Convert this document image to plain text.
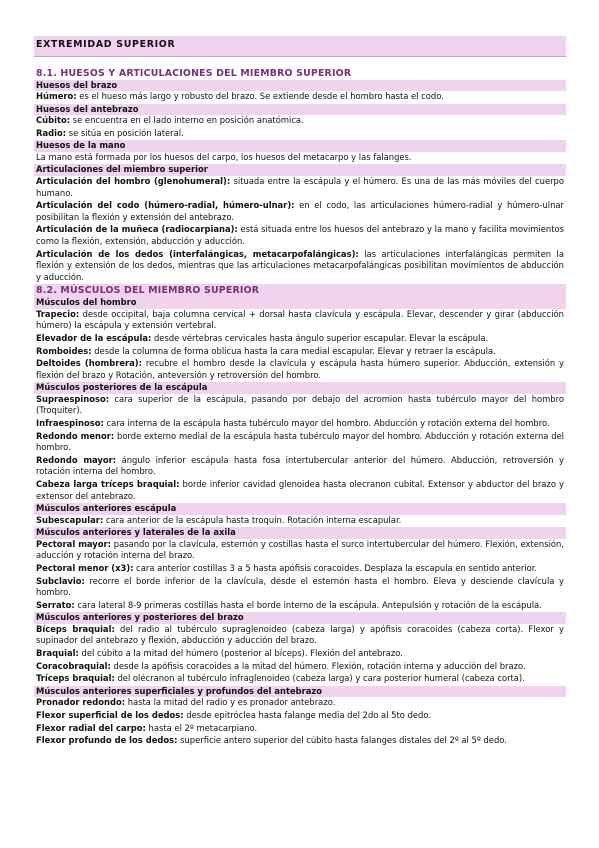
EXTREMIDAD SUPERIOR
8.1. HUESOS Y ARTICULACIONES DEL MIEMBRO SUPERIOR
Huesos del brazo
Húmero: es el hueso más largo y robusto del brazo. Se extiende desde el hombro hasta el codo.
Huesos del antebrazo
Cúbito: se encuentra en el lado interno en posición anatómica.
Radio: se sitúa en posición lateral.
Huesos de la mano
La mano está formada por los huesos del carpo, los huesos del metacarpo y las falanges.
Articulaciones del miembro superior
Articulación del hombro (glenohumeral): situada entre la escápula y el húmero. Es una de las más móviles del cuerpo humano.
Articulación del codo (húmero-radial, húmero-ulnar): en el codo, las articulaciones húmero-radial y húmero-ulnar posibilitan la flexión y extensión del antebrazo.
Articulación de la muñeca (radiocarpiana): está situada entre los huesos del antebrazo y la mano y facilita movimientos como la flexión, extensión, abducción y aducción.
Articulación de los dedos (interfalángicas, metacarpofalángicas): las articulaciones interfalángicas permiten la flexión y extensión de los dedos, mientras que las articulaciones metacarpofalángicas posibilitan movimientos de abducción y aducción.
8.2. MÚSCULOS DEL MIEMBRO SUPERIOR
Músculos del hombro
Trapecio: desde occipital, baja columna cervical + dorsal hasta clavícula y escápula. Elevar, descender y girar (abducción húmero) la escápula y extensión vertebral.
Elevador de la escápula: desde vértebras cervicales hasta ángulo superior escapular. Elevar la escápula.
Romboides: desde la columna de forma oblicua hasta la cara medial escapular. Elevar y retraer la escápula.
Deltoides (hombrera): recubre el hombro desde la clavícula y escápula hasta húmero superior. Abducción, extensión y flexión del brazo y Rotación, anteversión y retroversión del hombro.
Músculos posteriores de la escápula
Supraespinoso: cara superior de la escápula, pasando por debajo del acromion hasta tubérculo mayor del hombro (Troquiter).
Infraespinoso: cara interna de la escápula hasta tubérculo mayor del hombro. Abducción y rotación externa del hombro.
Redondo menor: borde externo medial de la escápula hasta tubérculo mayor del hombro. Abducción y rotación externa del hombro.
Redondo mayor: ángulo inferior escápula hasta fosa intertubercular anterior del húmero. Abducción, retroversión y rotación interna del hombro.
Cabeza larga tríceps braquial: borde inferior cavidad glenoidea hasta olecranon cubital. Extensor y abductor del brazo y extensor del antebrazo.
Músculos anteriores escápula
Subescapular: cara anterior de la escápula hasta troquín. Rotación interna escapular.
Músculos anteriores y laterales de la axila
Pectoral mayor: pasando por la clavícula, esternón y costillas hasta el surco intertubercular del húmero. Flexión, extensión, aducción y rotación interna del brazo.
Pectoral menor (x3): cara anterior costillas 3 a 5 hasta apófisis coracoides. Desplaza la escapula en sentido anterior.
Subclavio: recorre el borde inferior de la clavícula, desde el esternón hasta el hombro. Eleva y desciende clavícula y hombro.
Serrato: cara lateral 8-9 primeras costillas hasta el borde interno de la escápula. Antepulsión y rotación de la escápula.
Músculos anteriores y posteriores del brazo
Bíceps braquial: del radio al tubérculo supraglenoideo (cabeza larga) y apófisis coracoides (cabeza corta). Flexor y supinador del antebrazo y flexión, abducción y aducción del brazo.
Braquial: del cúbito a la mitad del húmero (posterior al bíceps). Flexión del antebrazo.
Coracobraquial: desde la apófisis coracoides a la mitad del húmero. Flexión, rotación interna y aducción del brazo.
Tríceps braquial: del olécranon al tubérculo infraglenoideo (cabeza larga) y cara posterior humeral (cabeza corta).
Músculos anteriores superficiales y profundos del antebrazo
Pronador redondo: hasta la mitad del radio y es pronador antebrazo.
Flexor superficial de los dedos: desde epitróclea hasta falange media del 2do al 5to dedo.
Flexor radial del carpo: hasta el 2º metacarpiano.
Flexor profundo de los dedos: superficie antero superior del cúbito hasta falanges distales del 2º al 5º dedo.
